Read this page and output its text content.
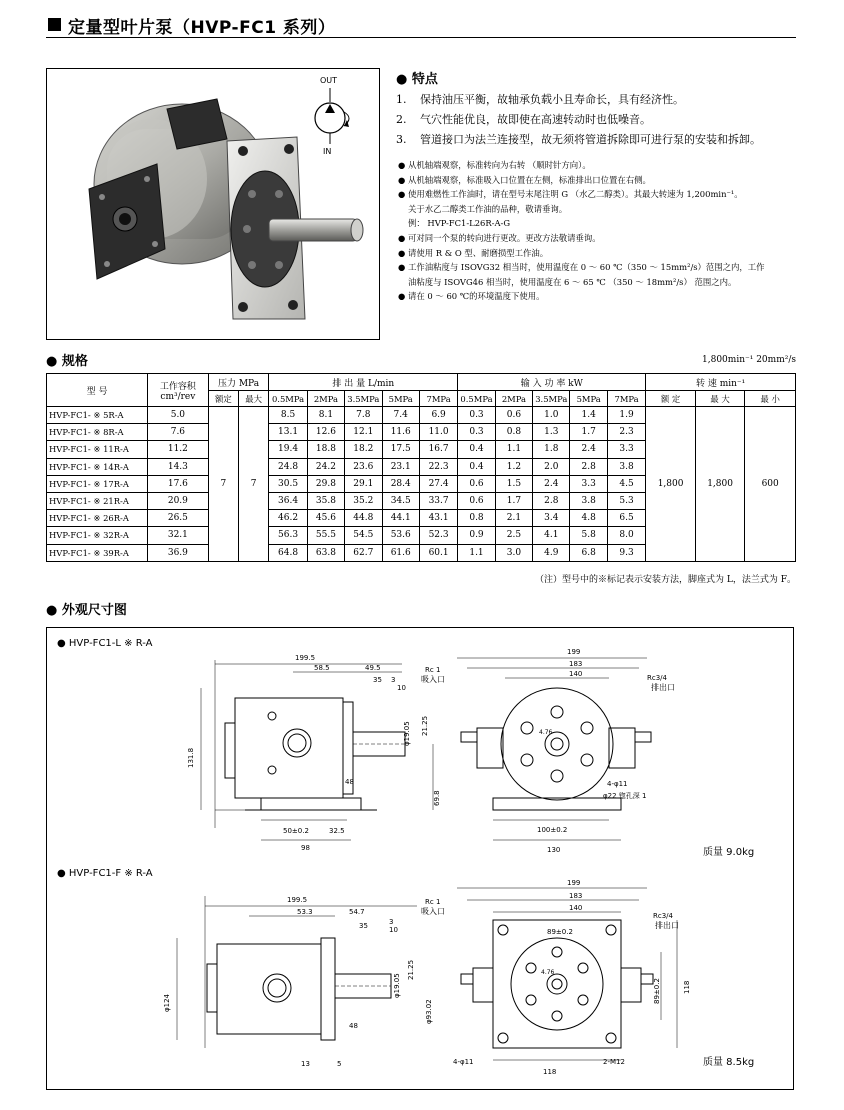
定量型叶片泵（HVP-FC1 系列）
OUT
IN
● 特点
1.	保持油压平衡，故轴承负载小且寿命长，具有经济性。
2.	气穴性能优良，故即使在高速转动时也低噪音。
3.	管道接口为法兰连接型，故无须将管道拆除即可进行泵的安装和拆卸。
● 从机轴端观察，标准转向为右转 （顺时针方向）。
● 从机轴端观察，标准吸入口位置在左侧，标准排出口位置在右侧。
● 使用难燃性工作油时，请在型号末尾注明 G （水乙二醇类）。其最大转速为 1,200min⁻¹。
关于水乙二醇类工作油的品种，敬请垂询。
例： HVP-FC1-L26R-A-G
● 可对同一个泵的转向进行更改。更改方法敬请垂询。
● 请使用 R & O 型、耐磨损型工作油。
● 工作油粘度与 ISOVG32 相当时，使用温度在 0 ～ 60 ℃（350 ～ 15mm²/s）范围之内，工作
油粘度与 ISOVG46 相当时，使用温度在 6 ～ 65 ℃ （350 ～ 18mm²/s） 范围之内。
● 请在 0 ～ 60 ℃的环境温度下使用。
● 规格	1,800min⁻¹ 20mm²/s
型 号	工作容积
cm³/rev	压力 MPa		排 出 量 L/min					输 入 功 率 kW					转 速 min⁻¹		
		额定	最大	0.5MPa	2MPa	3.5MPa	5MPa	7MPa	0.5MPa	2MPa	3.5MPa	5MPa	7MPa	额 定	最 大	最 小
HVP-FC1- ※ 5R-A	5.0	7	7	8.5	8.1	7.8	7.4	6.9	0.3	0.6	1.0	1.4	1.9	1,800	1,800	600
HVP-FC1- ※ 8R-A	7.6			13.1	12.6	12.1	11.6	11.0	0.3	0.8	1.3	1.7	2.3			
HVP-FC1- ※ 11R-A	11.2			19.4	18.8	18.2	17.5	16.7	0.4	1.1	1.8	2.4	3.3			
HVP-FC1- ※ 14R-A	14.3			24.8	24.2	23.6	23.1	22.3	0.4	1.2	2.0	2.8	3.8			
HVP-FC1- ※ 17R-A	17.6			30.5	29.8	29.1	28.4	27.4	0.6	1.5	2.4	3.3	4.5			
HVP-FC1- ※ 21R-A	20.9			36.4	35.8	35.2	34.5	33.7	0.6	1.7	2.8	3.8	5.3			
HVP-FC1- ※ 26R-A	26.5			46.2	45.6	44.8	44.1	43.1	0.8	2.1	3.4	4.8	6.5			
HVP-FC1- ※ 32R-A	32.1			56.3	55.5	54.5	53.6	52.3	0.9	2.5	4.1	5.8	8.0			
HVP-FC1- ※ 39R-A	36.9			64.8	63.8	62.7	61.6	60.1	1.1	3.0	4.9	6.8	9.3			
（注）型号中的※标记表示安装方法，脚座式为 L，法兰式为 F。
● 外观尺寸图
● HVP-FC1-L ※ R-A
● HVP-FC1-F ※ R-A
质量 9.0kg
质量 8.5kg
199.5
58.5	49.5
35 3
10
50±0.2	32.5
98
48
131.8
φ19.05 21.25
69.8
199
183
140
Rc 1
吸入口	Rc3/4
排出口
4.76
100±0.2
130
4-φ11
φ22 锪孔深 1
199.5
53.3	54.7
35	3
10
48
13	5
φ124
φ19.05
21.25
φ93.02
199
183
140
89±0.2
Rc 1
吸入口	Rc3/4
排出口
4.76
118
4-φ11	2-M12
89±0.2	118
